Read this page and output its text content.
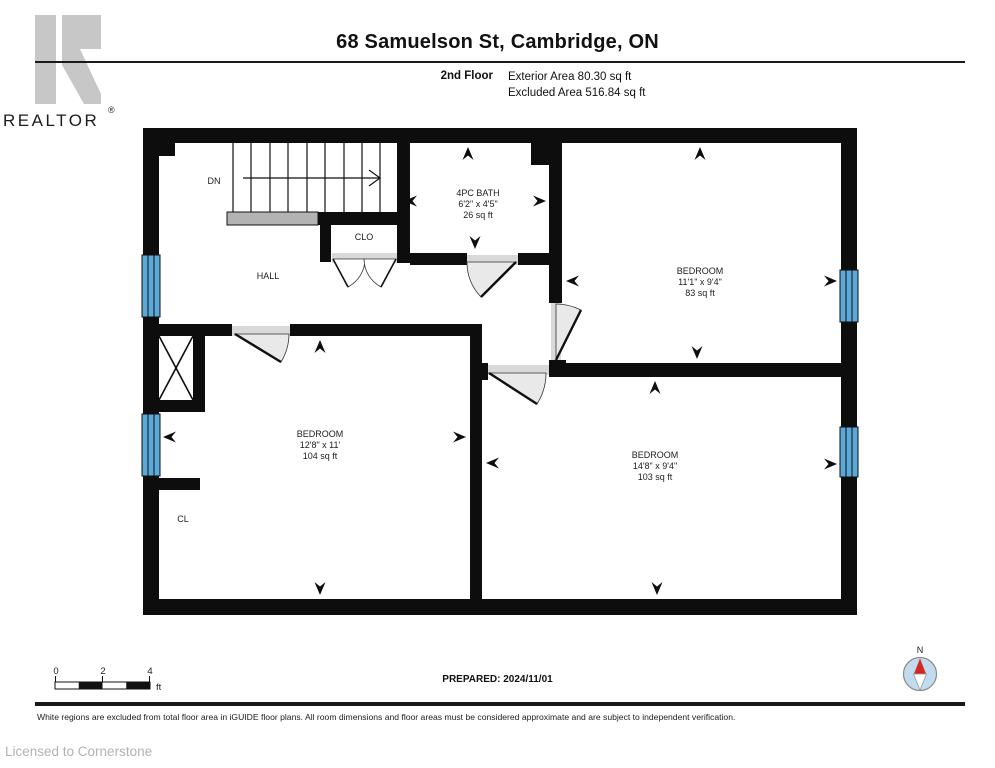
REALTOR
®
DN
HALL
CLO
CL
4PC BATH
6'2" x 4'5"
26 sq ft
BEDROOM
11'1" x 9'4"
83 sq ft
BEDROOM
12'8" x 11'
104 sq ft	BEDROOM
14'8" x 9'4"
103 sq ft
0	2	4
ft
N
68 Samuelson St, Cambridge, ON
2nd Floor Exterior Area 80.30 sq ft
Excluded Area 516.84 sq ft
PREPARED: 2024/11/01
White regions are excluded from total floor area in iGUIDE floor plans. All room dimensions and floor areas must be considered approximate and are subject to independent verification.
Licensed to Cornerstone
